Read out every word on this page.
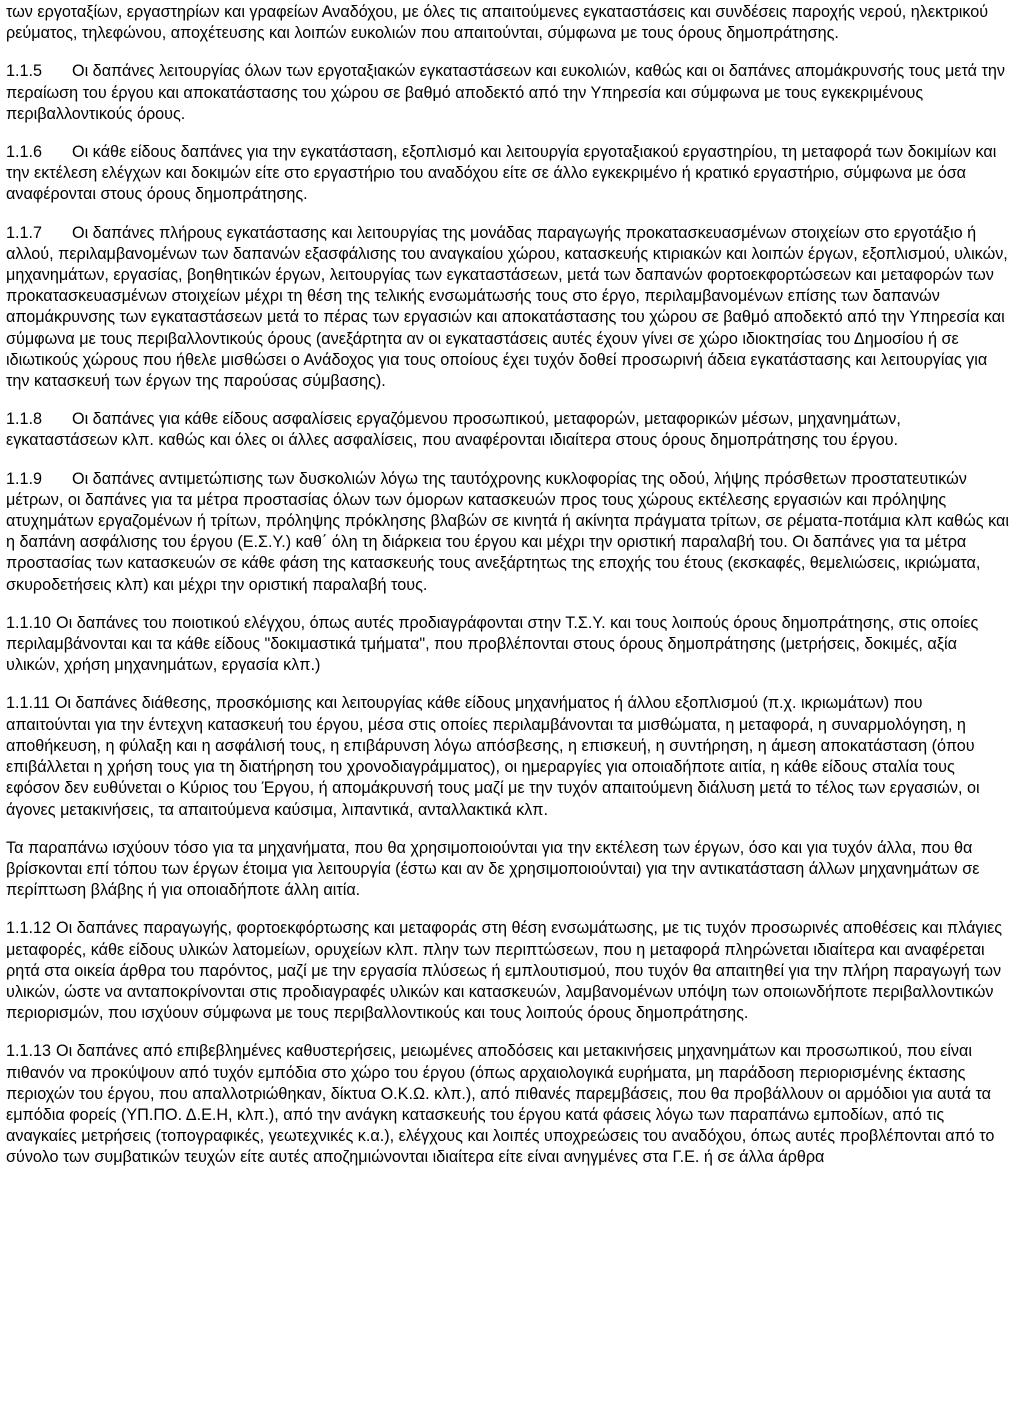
των εργοταξίων, εργαστηρίων και γραφείων Αναδόχου, με όλες τις απαιτούμενες εγκαταστάσεις και συνδέσεις παροχής νερού, ηλεκτρικού ρεύματος, τηλεφώνου, αποχέτευσης και λοιπών ευκολιών που απαιτούνται, σύμφωνα με τους όρους δημοπράτησης.

1.1.5 Οι δαπάνες λειτουργίας όλων των εργοταξιακών εγκαταστάσεων και ευκολιών, καθώς και οι δαπάνες απομάκρυνσής τους μετά την περαίωση του έργου και αποκατάστασης του χώρου σε βαθμό αποδεκτό από την Υπηρεσία και σύμφωνα με τους εγκεκριμένους περιβαλλοντικούς όρους.

1.1.6 Οι κάθε είδους δαπάνες για την εγκατάσταση, εξοπλισμό και λειτουργία εργοταξιακού εργαστηρίου, τη μεταφορά των δοκιμίων και την εκτέλεση ελέγχων και δοκιμών είτε στο εργαστήριο του αναδόχου είτε σε άλλο εγκεκριμένο ή κρατικό εργαστήριο, σύμφωνα με όσα αναφέρονται στους όρους δημοπράτησης.

1.1.7 Οι δαπάνες πλήρους εγκατάστασης και λειτουργίας της μονάδας παραγωγής προκατασκευασμένων στοιχείων στο εργοτάξιο ή αλλού, περιλαμβανομένων των δαπανών εξασφάλισης του αναγκαίου χώρου, κατασκευής κτιριακών και λοιπών έργων, εξοπλισμού, υλικών, μηχανημάτων, εργασίας, βοηθητικών έργων, λειτουργίας των εγκαταστάσεων, μετά των δαπανών φορτοεκφορτώσεων και μεταφορών των προκατασκευασμένων στοιχείων μέχρι τη θέση της τελικής ενσωμάτωσής τους στο έργο, περιλαμβανομένων επίσης των δαπανών απομάκρυνσης των εγκαταστάσεων μετά το πέρας των εργασιών και αποκατάστασης του χώρου σε βαθμό αποδεκτό από την Υπηρεσία και σύμφωνα με τους περιβαλλοντικούς όρους (ανεξάρτητα αν οι εγκαταστάσεις αυτές έχουν γίνει σε χώρο ιδιοκτησίας του Δημοσίου ή σε ιδιωτικούς χώρους που ήθελε μισθώσει ο Ανάδοχος για τους οποίους έχει τυχόν δοθεί προσωρινή άδεια εγκατάστασης και λειτουργίας για την κατασκευή των έργων της παρούσας σύμβασης).

1.1.8 Οι δαπάνες για κάθε είδους ασφαλίσεις εργαζόμενου προσωπικού, μεταφορών, μεταφορικών μέσων, μηχανημάτων, εγκαταστάσεων κλπ. καθώς και όλες οι άλλες ασφαλίσεις, που αναφέρονται ιδιαίτερα στους όρους δημοπράτησης του έργου.

1.1.9 Οι δαπάνες αντιμετώπισης των δυσκολιών λόγω της ταυτόχρονης κυκλοφορίας της οδού, λήψης πρόσθετων προστατευτικών μέτρων, οι δαπάνες για τα μέτρα προστασίας όλων των όμορων κατασκευών προς τους χώρους εκτέλεσης εργασιών και πρόληψης ατυχημάτων εργαζομένων ή τρίτων, πρόληψης πρόκλησης βλαβών σε κινητά ή ακίνητα πράγματα τρίτων, σε ρέματα-ποτάμια κλπ καθώς και η δαπάνη ασφάλισης του έργου (Ε.Σ.Υ.) καθ΄ όλη τη διάρκεια του έργου και μέχρι την οριστική παραλαβή του. Οι δαπάνες για τα μέτρα προστασίας των κατασκευών σε κάθε φάση της κατασκευής τους ανεξάρτητως της εποχής του έτους (εκσκαφές, θεμελιώσεις, ικριώματα, σκυροδετήσεις κλπ) και μέχρι την οριστική παραλαβή τους.

1.1.10 Οι δαπάνες του ποιοτικού ελέγχου, όπως αυτές προδιαγράφονται στην Τ.Σ.Υ. και τους λοιπούς όρους δημοπράτησης, στις οποίες περιλαμβάνονται και τα κάθε είδους "δοκιμαστικά τμήματα", που προβλέπονται στους όρους δημοπράτησης (μετρήσεις, δοκιμές, αξία υλικών, χρήση μηχανημάτων, εργασία κλπ.)

1.1.11 Οι δαπάνες διάθεσης, προσκόμισης και λειτουργίας κάθε είδους μηχανήματος ή άλλου εξοπλισμού (π.χ. ικριωμάτων) που απαιτούνται για την έντεχνη κατασκευή του έργου, μέσα στις οποίες περιλαμβάνονται τα μισθώματα, η μεταφορά, η συναρμολόγηση, η αποθήκευση, η φύλαξη και η ασφάλισή τους, η επιβάρυνση λόγω απόσβεσης, η επισκευή, η συντήρηση, η άμεση αποκατάσταση (όπου επιβάλλεται η χρήση τους για τη διατήρηση του χρονοδιαγράμματος), οι ημεραργίες για οποιαδήποτε αιτία, η κάθε είδους σταλία τους εφόσον δεν ευθύνεται ο Κύριος του Έργου, ή απομάκρυνσή τους μαζί με την τυχόν απαιτούμενη διάλυση μετά το τέλος των εργασιών, οι άγονες μετακινήσεις, τα απαιτούμενα καύσιμα, λιπαντικά, ανταλλακτικά κλπ.

Τα παραπάνω ισχύουν τόσο για τα μηχανήματα, που θα χρησιμοποιούνται για την εκτέλεση των έργων, όσο και για τυχόν άλλα, που θα βρίσκονται επί τόπου των έργων έτοιμα για λειτουργία (έστω και αν δε χρησιμοποιούνται) για την αντικατάσταση άλλων μηχανημάτων σε περίπτωση βλάβης ή για οποιαδήποτε άλλη αιτία.

1.1.12 Οι δαπάνες παραγωγής, φορτοεκφόρτωσης και μεταφοράς στη θέση ενσωμάτωσης, με τις τυχόν προσωρινές αποθέσεις και πλάγιες μεταφορές, κάθε είδους υλικών λατομείων, ορυχείων κλπ. πλην των περιπτώσεων, που η μεταφορά πληρώνεται ιδιαίτερα και αναφέρεται ρητά στα οικεία άρθρα του παρόντος, μαζί με την εργασία πλύσεως ή εμπλουτισμού, που τυχόν θα απαιτηθεί για την πλήρη παραγωγή των υλικών, ώστε να ανταποκρίνονται στις προδιαγραφές υλικών και κατασκευών, λαμβανομένων υπόψη των οποιωνδήποτε περιβαλλοντικών περιορισμών, που ισχύουν σύμφωνα με τους περιβαλλοντικούς και τους λοιπούς όρους δημοπράτησης.

1.1.13 Οι δαπάνες από επιβεβλημένες καθυστερήσεις, μειωμένες αποδόσεις και μετακινήσεις μηχανημάτων και προσωπικού, που είναι πιθανόν να προκύψουν από τυχόν εμπόδια στο χώρο του έργου (όπως αρχαιολογικά ευρήματα, μη παράδοση περιορισμένης έκτασης περιοχών του έργου, που απαλλοτριώθηκαν, δίκτυα Ο.Κ.Ω. κλπ.), από πιθανές παρεμβάσεις, που θα προβάλλουν οι αρμόδιοι για αυτά τα εμπόδια φορείς (ΥΠ.ΠΟ. Δ.Ε.Η, κλπ.), από την ανάγκη κατασκευής του έργου κατά φάσεις λόγω των παραπάνω εμποδίων, από τις αναγκαίες μετρήσεις (τοπογραφικές, γεωτεχνικές κ.α.), ελέγχους και λοιπές υποχρεώσεις του αναδόχου, όπως αυτές προβλέπονται από το σύνολο των συμβατικών τευχών είτε αυτές αποζημιώνονται ιδιαίτερα είτε είναι ανηγμένες στα Γ.Ε. ή σε άλλα άρθρα
